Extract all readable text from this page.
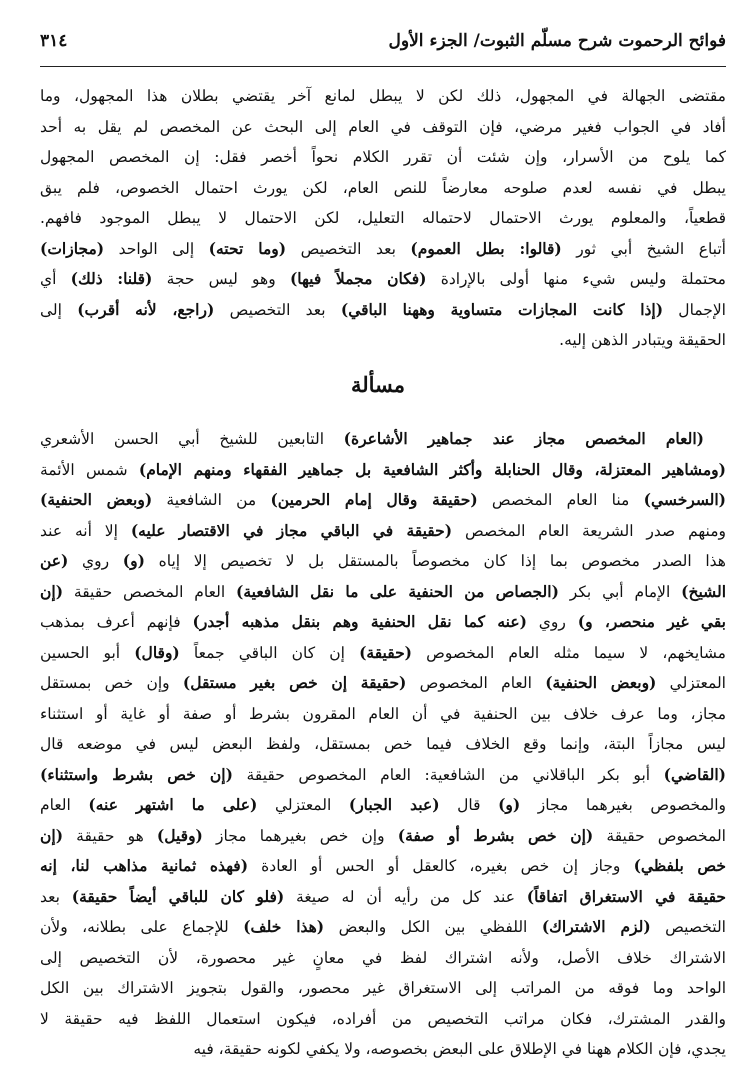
فوائح الرحموت شرح مسلّم الثبوت/ الجزء الأول
٣١٤
مقتضى الجهالة في المجهول، ذلك لكن لا يبطل لمانع آخر يقتضي بطلان هذا المجهول، وما
أفاد في الجواب فغير مرضي، فإن التوقف في العام إلى البحث عن المخصص لم يقل به أحد
كما يلوح من الأسرار، وإن شئت أن تقرر الكلام نحواً أخصر فقل: إن المخصص المجهول
يبطل في نفسه لعدم صلوحه معارضاً للنص العام، لكن يورث احتمال الخصوص، فلم يبق
قطعياً، والمعلوم يورث الاحتمال لاحتماله التعليل، لكن الاحتمال لا يبطل الموجود فافهم.
أتباع الشيخ أبي ثور (قالوا: بطل العموم) بعد التخصيص (وما تحته) إلى الواحد (مجازات)
محتملة وليس شيء منها أولى بالإرادة (فكان مجملاً فيها) وهو ليس حجة (قلنا: ذلك) أي
الإجمال (إذا كانت المجازات متساوية وههنا الباقي) بعد التخصيص (راجع، لأنه أقرب) إلى
الحقيقة ويتبادر الذهن إليه.
مسألة
(العام المخصص مجاز عند جماهير الأشاعرة) التابعين للشيخ أبي الحسن الأشعري
(ومشاهير المعتزلة، وقال الحنابلة وأكثر الشافعية بل جماهير الفقهاء ومنهم الإمام) شمس الأئمة
(السرخسي) منا العام المخصص (حقيقة وقال إمام الحرمين) من الشافعية (وبعض الحنفية)
ومنهم صدر الشريعة العام المخصص (حقيقة في الباقي مجاز في الاقتصار عليه) إلا أنه عند
هذا الصدر مخصوص بما إذا كان مخصوصاً بالمستقل بل لا تخصيص إلا إياه (و) روي (عن
الشيخ) الإمام أبي بكر (الجصاص من الحنفية على ما نقل الشافعية) العام المخصص حقيقة (إن
بقي غير منحصر، و) روي (عنه كما نقل الحنفية وهم بنقل مذهبه أجدر) فإنهم أعرف بمذهب
مشايخهم، لا سيما مثله العام المخصوص (حقيقة) إن كان الباقي جمعاً (وقال) أبو الحسين
المعتزلي (وبعض الحنفية) العام المخصوص (حقيقة إن خص بغير مستقل) وإن خص بمستقل
مجاز، وما عرف خلاف بين الحنفية في أن العام المقرون بشرط أو صفة أو غاية أو استثناء
ليس مجازاً البتة، وإنما وقع الخلاف فيما خص بمستقل، ولفظ البعض ليس في موضعه قال
(القاضي) أبو بكر الباقلاني من الشافعية: العام المخصوص حقيقة (إن خص بشرط واستثناء)
والمخصوص بغيرهما مجاز (و) قال (عبد الجبار) المعتزلي (على ما اشتهر عنه) العام
المخصوص حقيقة (إن خص بشرط أو صفة) وإن خص بغيرهما مجاز (وقيل) هو حقيقة (إن
خص بلفظي) وجاز إن خص بغيره، كالعقل أو الحس أو العادة (فهذه ثمانية مذاهب لنا، إنه
حقيقة في الاستغراق اتفاقاً) عند كل من رأيه أن له صيغة (فلو كان للباقي أيضاً حقيقة) بعد
التخصيص (لزم الاشتراك) اللفظي بين الكل والبعض (هذا خلف) للإجماع على بطلانه، ولأن
الاشتراك خلاف الأصل، ولأنه اشتراك لفظ في معانٍ غير محصورة، لأن التخصيص إلى
الواحد وما فوقه من المراتب إلى الاستغراق غير محصور، والقول بتجويز الاشتراك بين الكل
والقدر المشترك، فكان مراتب التخصيص من أفراده، فيكون استعمال اللفظ فيه حقيقة لا
يجدي، فإن الكلام ههنا في الإطلاق على البعض بخصوصه، ولا يكفي لكونه حقيقة، فيه
